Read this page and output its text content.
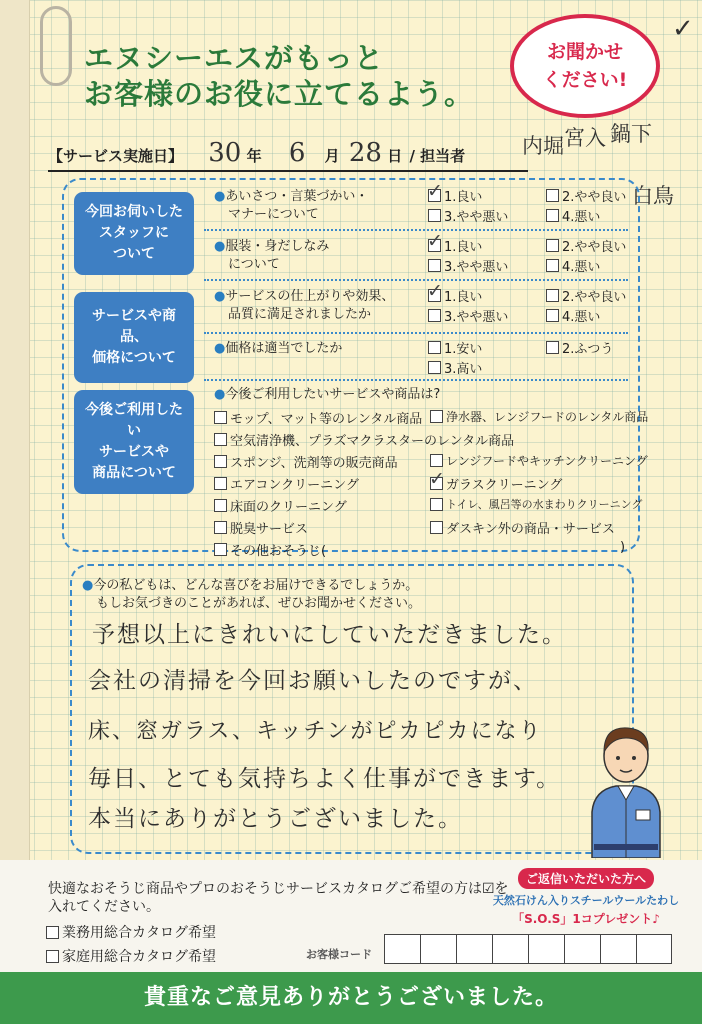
エヌシーエスがもっと
お客様のお役に立てるよう。
お聞かせ
ください!
✓
【サービス実施日】 30 年 6 月 28 日 / 担当者	内堀 宮入 鍋下
白鳥
今回お伺いした
スタッフに
ついて
サービスや商品、
価格について
今後ご利用したい
サービスや
商品について
●あいさつ・言葉づかい・
マナーについて
✓
1.良い	2.やや良い
3.やや悪い	4.悪い
●服装・身だしなみ
について
✓
1.良い	2.やや良い
3.やや悪い	4.悪い
●サービスの仕上がりや効果、
品質に満足されましたか
✓
1.良い	2.やや良い
3.やや悪い	4.悪い
●価格は適当でしたか	1.安い	2.ふつう
3.高い
●今後ご利用したいサービスや商品は?
モップ、マット等のレンタル商品 浄水器、レンジフードのレンタル商品
空気清浄機、プラズマクラスターのレンタル商品
スポンジ、洗剤等の販売商品	レンジフードやキッチンクリーニング
エアコンクリーニング
✓	ガラスクリーニング
床面のクリーニング	トイレ、風呂等の水まわりクリーニング
脱臭サービス	ダスキン外の商品・サービス
その他おそうじ(	)
●今の私どもは、どんな喜びをお届けできるでしょうか。
もしお気づきのことがあれば、ぜひお聞かせください。
予想以上にきれいにしていただきました。
会社の清掃を今回お願いしたのですが、
床、窓ガラス、キッチンがピカピカになり
毎日、とても気持ちよく仕事ができます。
本当にありがとうございました。
快適なおそうじ商品やプロのおそうじサービスカタログご希望の方は☑を
入れてください。
業務用総合カタログ希望
家庭用総合カタログ希望	お客様コード
ご返信いただいた方へ
天然石けん入りスチールウールたわし
「S.O.S」1コプレゼント♪
貴重なご意見ありがとうございました。
